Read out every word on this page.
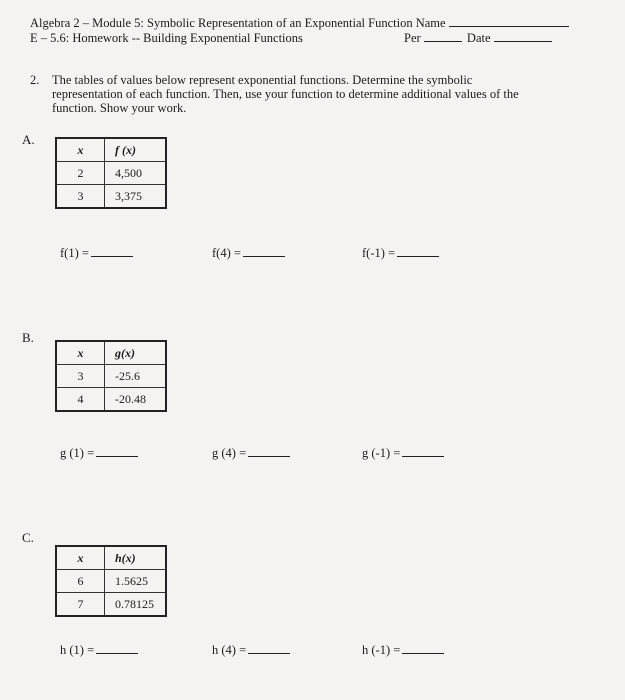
Algebra 2 – Module 5: Symbolic Representation of an Exponential Function Name
E – 5.6: Homework -- Building Exponential Functions	Per	Date
2. The tables of values below represent exponential functions. Determine the symbolic representation of each function. Then, use your function to determine additional values of the function. Show your work.
A.
x	f (x)
2	4,500
3	3,375
f(1) =	f(4) =	f(-1) =
B.
x	g(x)
3	-25.6
4	-20.48
g (1) =	g (4) =	g (-1) =
C.
x	h(x)
6	1.5625
7	0.78125
h (1) =	h (4) =	h (-1) =
